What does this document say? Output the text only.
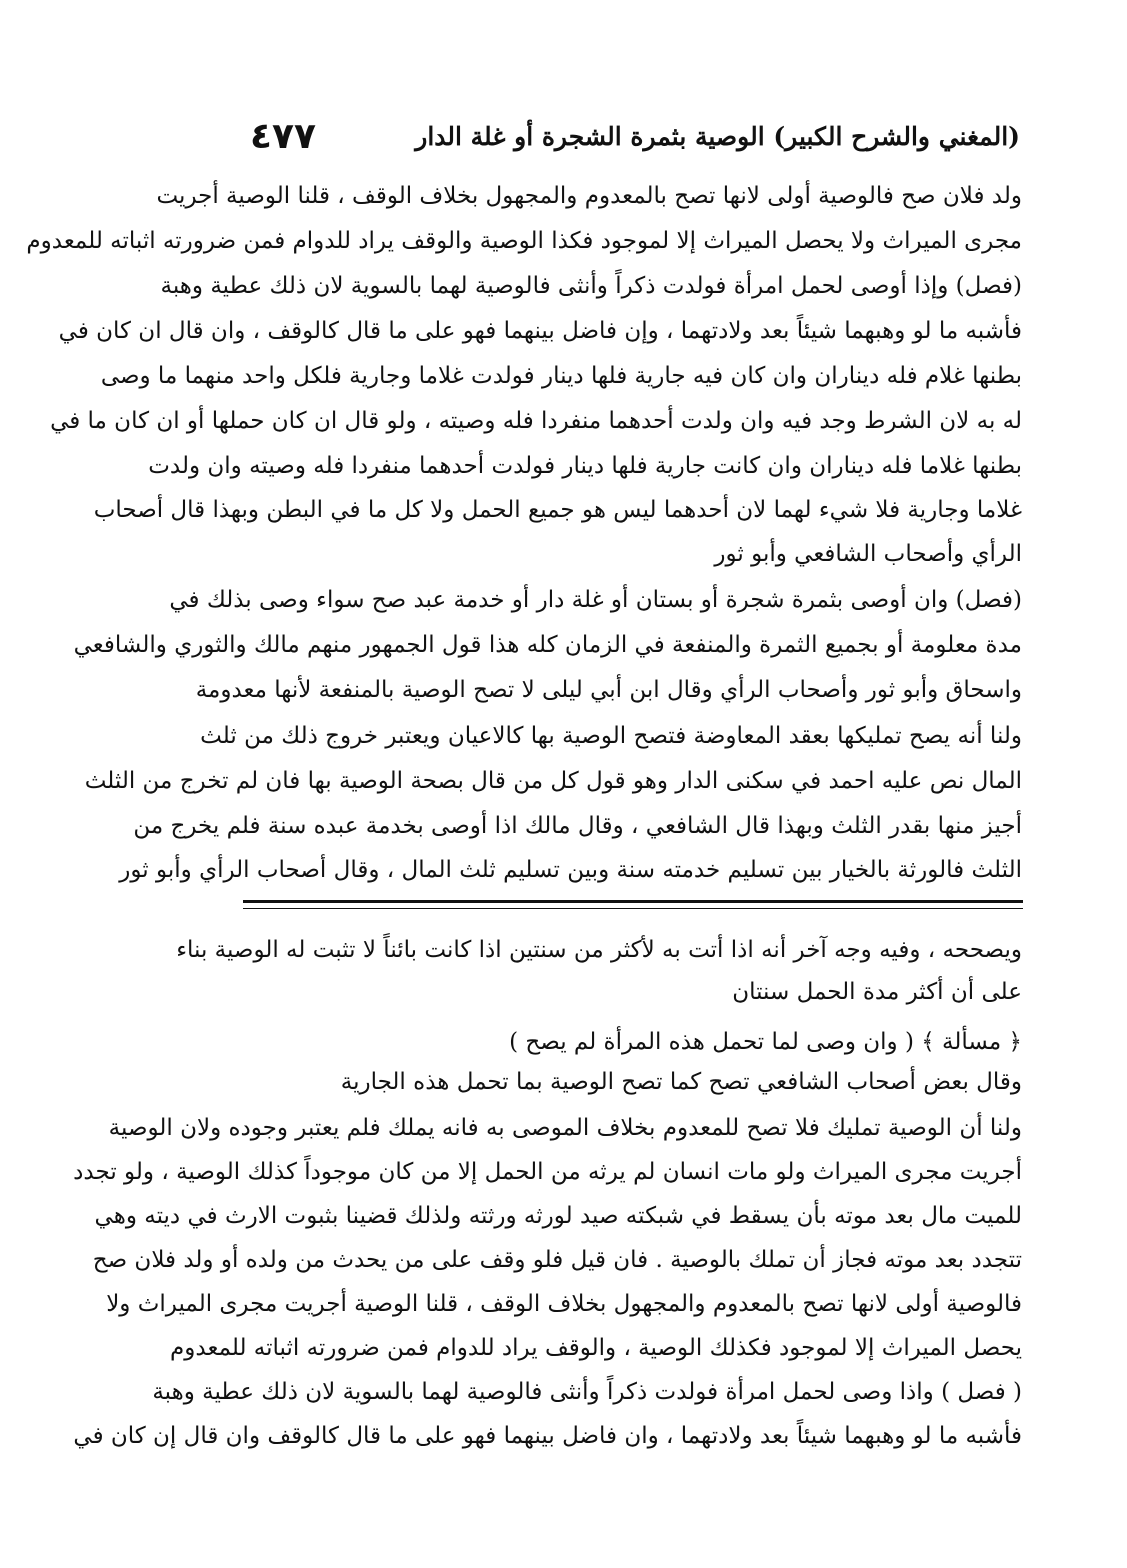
٤٧٧	(المغني والشرح الكبير) الوصية بثمرة الشجرة أو غلة الدار
ولد فلان صح فالوصية أولى لانها تصح بالمعدوم والمجهول بخلاف الوقف ، قلنا الوصية أجريت
مجرى الميراث ولا يحصل الميراث إلا لموجود فكذا الوصية والوقف يراد للدوام فمن ضرورته اثباته للمعدوم
(فصل) وإذا أوصى لحمل امرأة فولدت ذكراً وأنثى فالوصية لهما بالسوية لان ذلك عطية وهبة
فأشبه ما لو وهبهما شيئاً بعد ولادتهما ، وإن فاضل بينهما فهو على ما قال كالوقف ، وان قال ان كان في
بطنها غلام فله ديناران وان كان فيه جارية فلها دينار فولدت غلاما وجارية فلكل واحد منهما ما وصى
له به لان الشرط وجد فيه وان ولدت أحدهما منفردا فله وصيته ، ولو قال ان كان حملها أو ان كان ما في
بطنها غلاما فله ديناران وان كانت جارية فلها دينار فولدت أحدهما منفردا فله وصيته وان ولدت
غلاما وجارية فلا شيء لهما لان أحدهما ليس هو جميع الحمل ولا كل ما في البطن وبهذا قال أصحاب
الرأي وأصحاب الشافعي وأبو ثور
(فصل) وان أوصى بثمرة شجرة أو بستان أو غلة دار أو خدمة عبد صح سواء وصى بذلك في
مدة معلومة أو بجميع الثمرة والمنفعة في الزمان كله هذا قول الجمهور منهم مالك والثوري والشافعي
واسحاق وأبو ثور وأصحاب الرأي وقال ابن أبي ليلى لا تصح الوصية بالمنفعة لأنها معدومة
ولنا أنه يصح تمليكها بعقد المعاوضة فتصح الوصية بها كالاعيان ويعتبر خروج ذلك من ثلث
المال نص عليه احمد في سكنى الدار وهو قول كل من قال بصحة الوصية بها فان لم تخرج من الثلث
أجيز منها بقدر الثلث وبهذا قال الشافعي ، وقال مالك اذا أوصى بخدمة عبده سنة فلم يخرج من
الثلث فالورثة بالخيار بين تسليم خدمته سنة وبين تسليم ثلث المال ، وقال أصحاب الرأي وأبو ثور
ويصححه ، وفيه وجه آخر أنه اذا أتت به لأكثر من سنتين اذا كانت بائناً لا تثبت له الوصية بناء
على أن أكثر مدة الحمل سنتان
﴿ مسألة ﴾ ( وان وصى لما تحمل هذه المرأة لم يصح )
وقال بعض أصحاب الشافعي تصح كما تصح الوصية بما تحمل هذه الجارية
ولنا أن الوصية تمليك فلا تصح للمعدوم بخلاف الموصى به فانه يملك فلم يعتبر وجوده ولان الوصية
أجريت مجرى الميراث ولو مات انسان لم يرثه من الحمل إلا من كان موجوداً كذلك الوصية ، ولو تجدد
للميت مال بعد موته بأن يسقط في شبكته صيد لورثه ورثته ولذلك قضينا بثبوت الارث في ديته وهي
تتجدد بعد موته فجاز أن تملك بالوصية . فان قيل فلو وقف على من يحدث من ولده أو ولد فلان صح
فالوصية أولى لانها تصح بالمعدوم والمجهول بخلاف الوقف ، قلنا الوصية أجريت مجرى الميراث ولا
يحصل الميراث إلا لموجود فكذلك الوصية ، والوقف يراد للدوام فمن ضرورته اثباته للمعدوم
( فصل ) واذا وصى لحمل امرأة فولدت ذكراً وأنثى فالوصية لهما بالسوية لان ذلك عطية وهبة
فأشبه ما لو وهبهما شيئاً بعد ولادتهما ، وان فاضل بينهما فهو على ما قال كالوقف وان قال إن كان في
